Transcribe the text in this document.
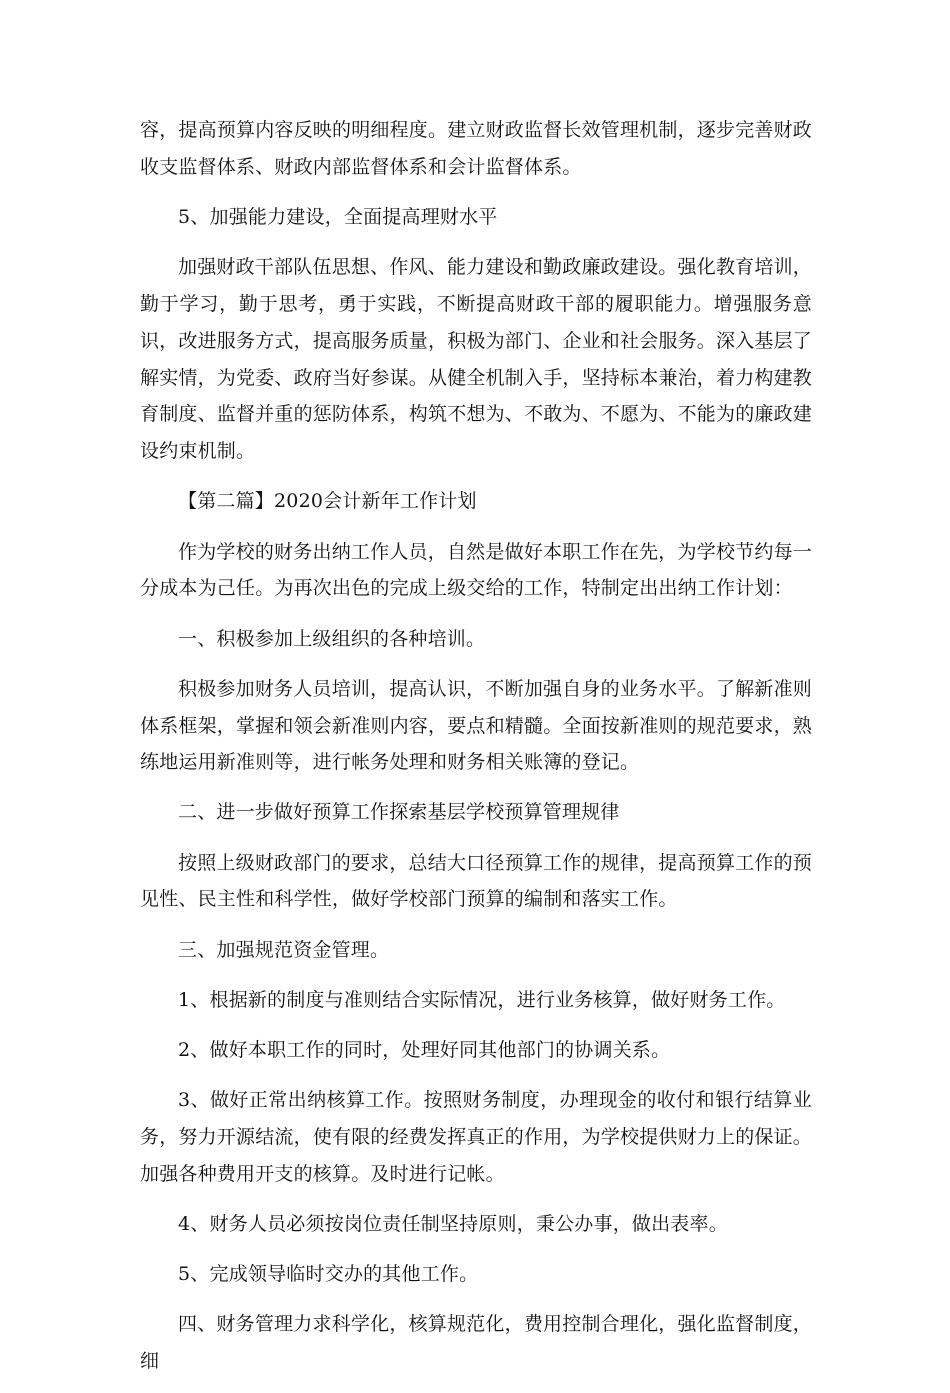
容，提高预算内容反映的明细程度。建立财政监督长效管理机制，逐步完善财政收支监督体系、财政内部监督体系和会计监督体系。

5、加强能力建设，全面提高理财水平

加强财政干部队伍思想、作风、能力建设和勤政廉政建设。强化教育培训，勤于学习，勤于思考，勇于实践，不断提高财政干部的履职能力。增强服务意识，改进服务方式，提高服务质量，积极为部门、企业和社会服务。深入基层了解实情，为党委、政府当好参谋。从健全机制入手，坚持标本兼治，着力构建教育制度、监督并重的惩防体系，构筑不想为、不敢为、不愿为、不能为的廉政建设约束机制。

【第二篇】2020会计新年工作计划

作为学校的财务出纳工作人员，自然是做好本职工作在先，为学校节约每一分成本为己任。为再次出色的完成上级交给的工作，特制定出出纳工作计划：

一、积极参加上级组织的各种培训。

积极参加财务人员培训，提高认识，不断加强自身的业务水平。了解新准则体系框架，掌握和领会新准则内容，要点和精髓。全面按新准则的规范要求，熟练地运用新准则等，进行帐务处理和财务相关账簿的登记。

二、进一步做好预算工作探索基层学校预算管理规律

按照上级财政部门的要求，总结大口径预算工作的规律，提高预算工作的预见性、民主性和科学性，做好学校部门预算的编制和落实工作。

三、加强规范资金管理。

1、根据新的制度与准则结合实际情况，进行业务核算，做好财务工作。

2、做好本职工作的同时，处理好同其他部门的协调关系。

3、做好正常出纳核算工作。按照财务制度，办理现金的收付和银行结算业务，努力开源结流，使有限的经费发挥真正的作用，为学校提供财力上的保证。加强各种费用开支的核算。及时进行记帐。

4、财务人员必须按岗位责任制坚持原则，秉公办事，做出表率。

5、完成领导临时交办的其他工作。

四、财务管理力求科学化，核算规范化，费用控制合理化，强化监督制度，细
